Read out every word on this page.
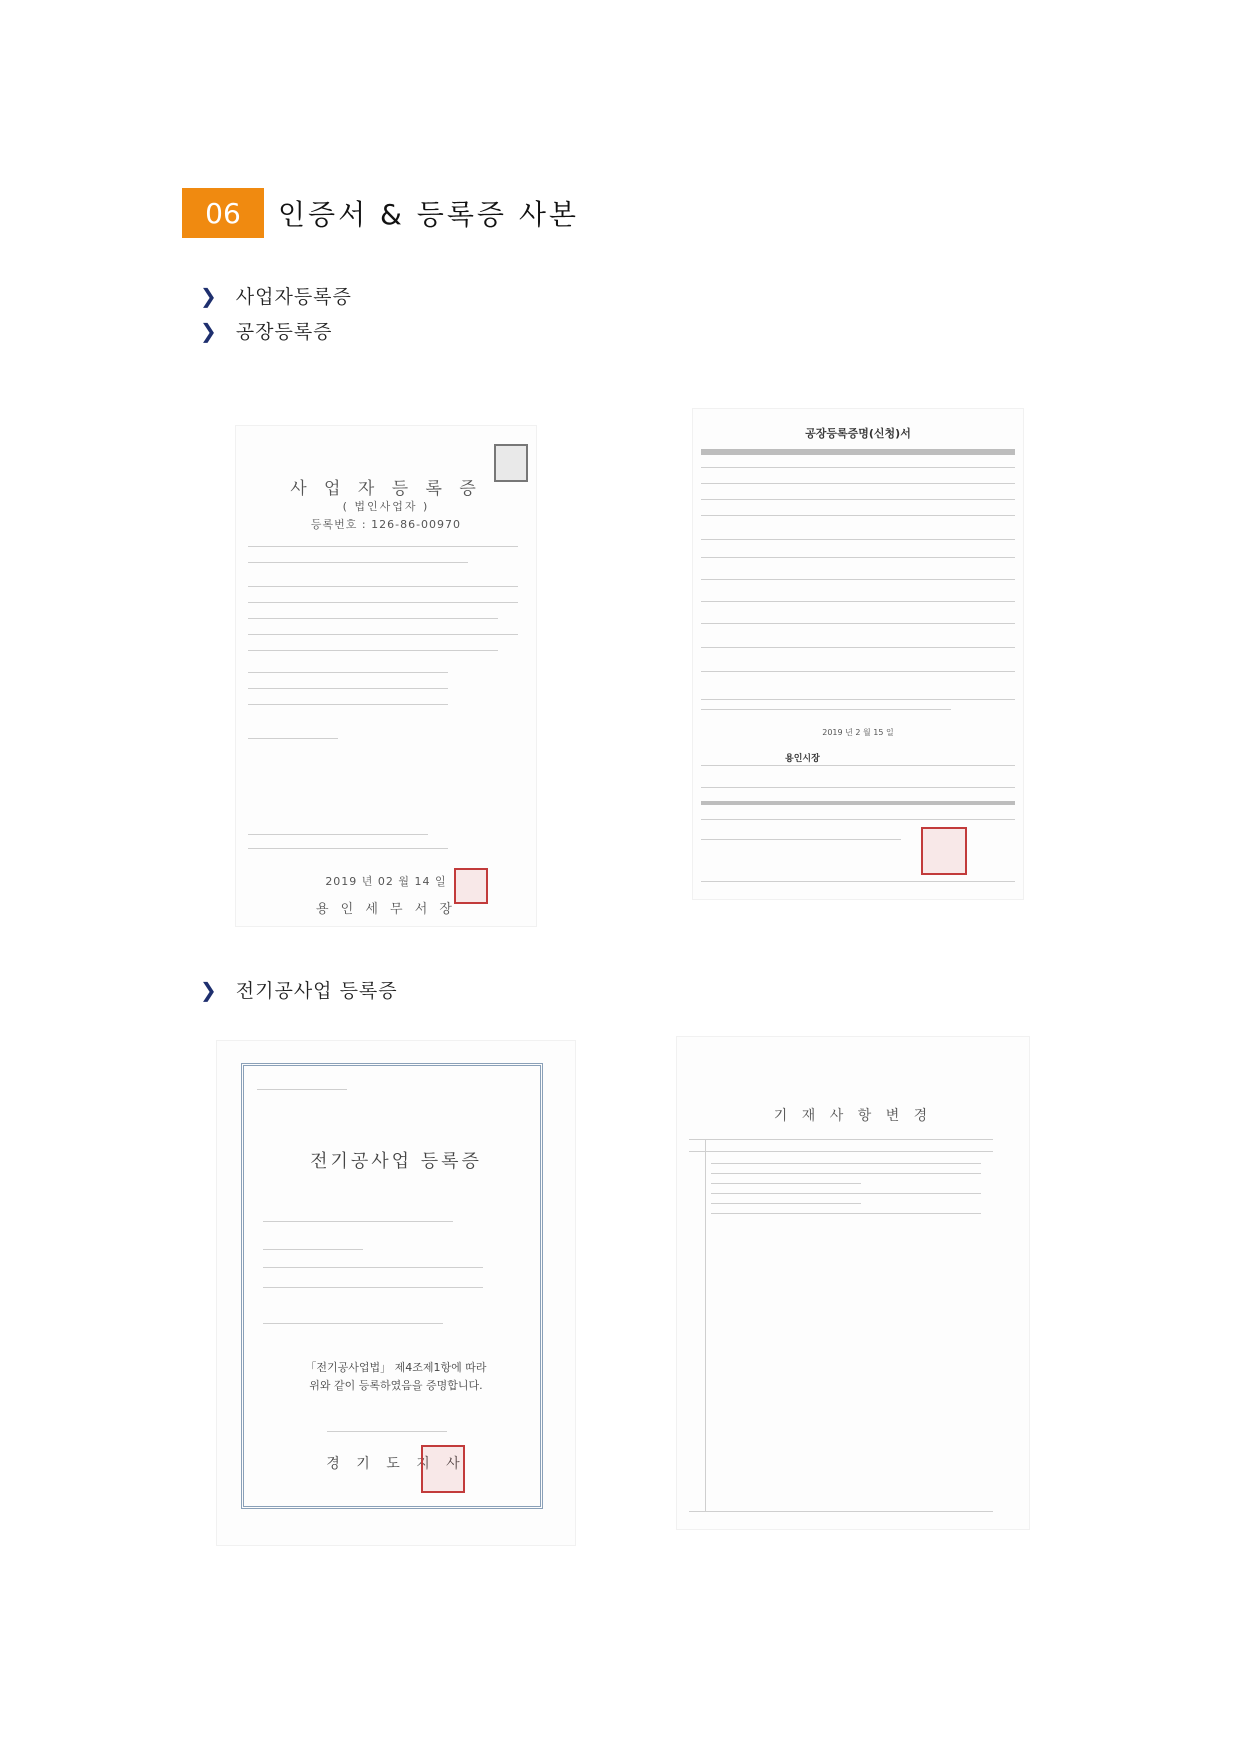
06	인증서 & 등록증 사본
❯ 사업자등록증
❯ 공장등록증
❯ 전기공사업 등록증
사 업 자 등 록 증
( 법인사업자 )
등록번호 : 126-86-00970
2019 년 02 월 14 일
용 인 세 무 서 장
공장등록증명(신청)서
2019 년 2 월 15 일
용인시장
전기공사업 등록증
「전기공사업법」 제4조제1항에 따라
위와 같이 등록하였음을 증명합니다.
경 기 도 지 사
기 재 사 항 변 경
